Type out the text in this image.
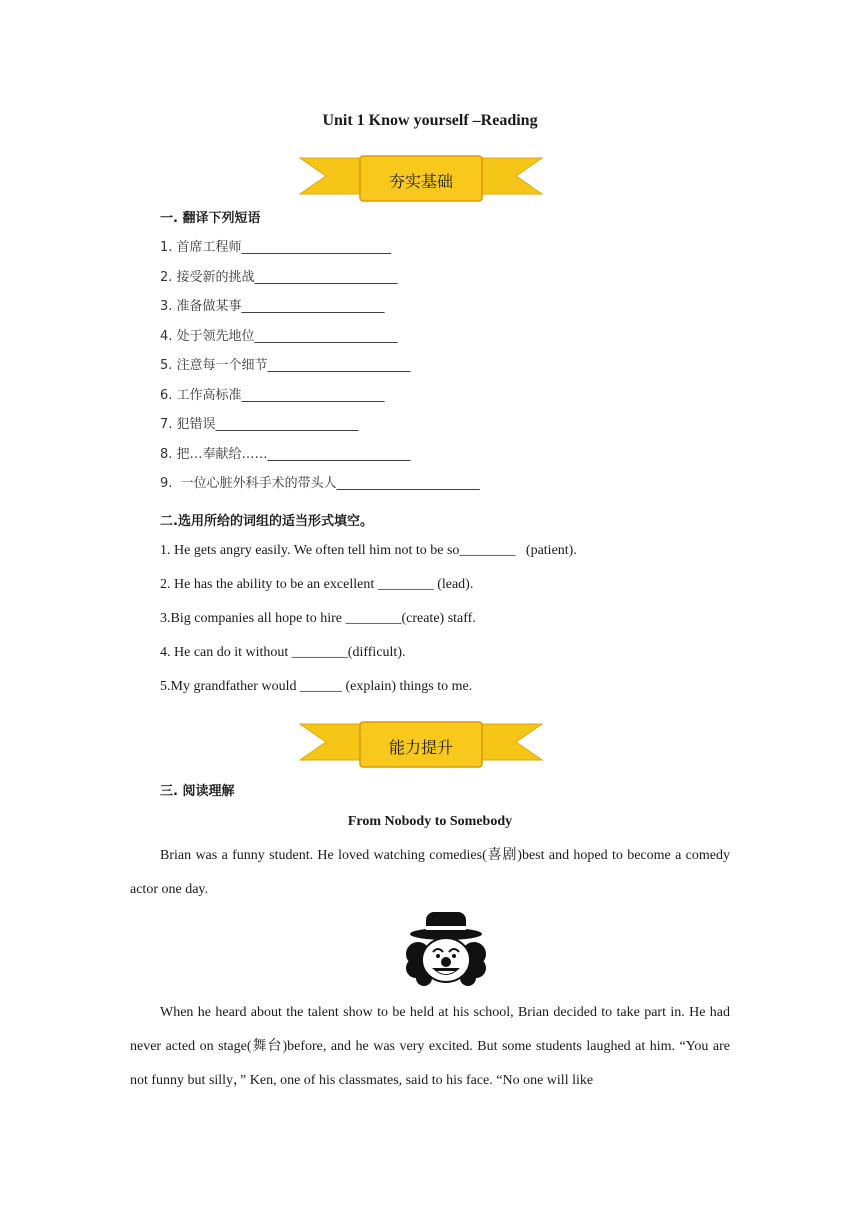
Unit 1 Know yourself –Reading
夯实基础
一. 翻译下列短语
1. 首席工程师_______________________
2. 接受新的挑战______________________
3. 准备做某事______________________
4. 处于领先地位______________________
5. 注意每一个细节______________________
6. 工作高标准______________________
7. 犯错误______________________
8. 把…奉献给……______________________
9.  一位心脏外科手术的带头人______________________
二.选用所给的词组的适当形式填空。
1. He gets angry easily. We often tell him not to be so________   (patient).
2. He has the ability to be an excellent ________ (lead).
3.Big companies all hope to hire ________(create) staff.
4. He can do it without ________(difficult).
5.My grandfather would ______ (explain) things to me.
能力提升
三. 阅读理解
From Nobody to Somebody
Brian was a funny student. He loved watching comedies(喜剧)best and hoped to become a comedy actor one day.
When he heard about the talent show to be held at his school, Brian decided to take part in. He had never acted on stage(舞台)before, and he was very excited. But some students laughed at him. “You are not funny but silly，” Ken, one of his classmates, said to his face. “No one will like
